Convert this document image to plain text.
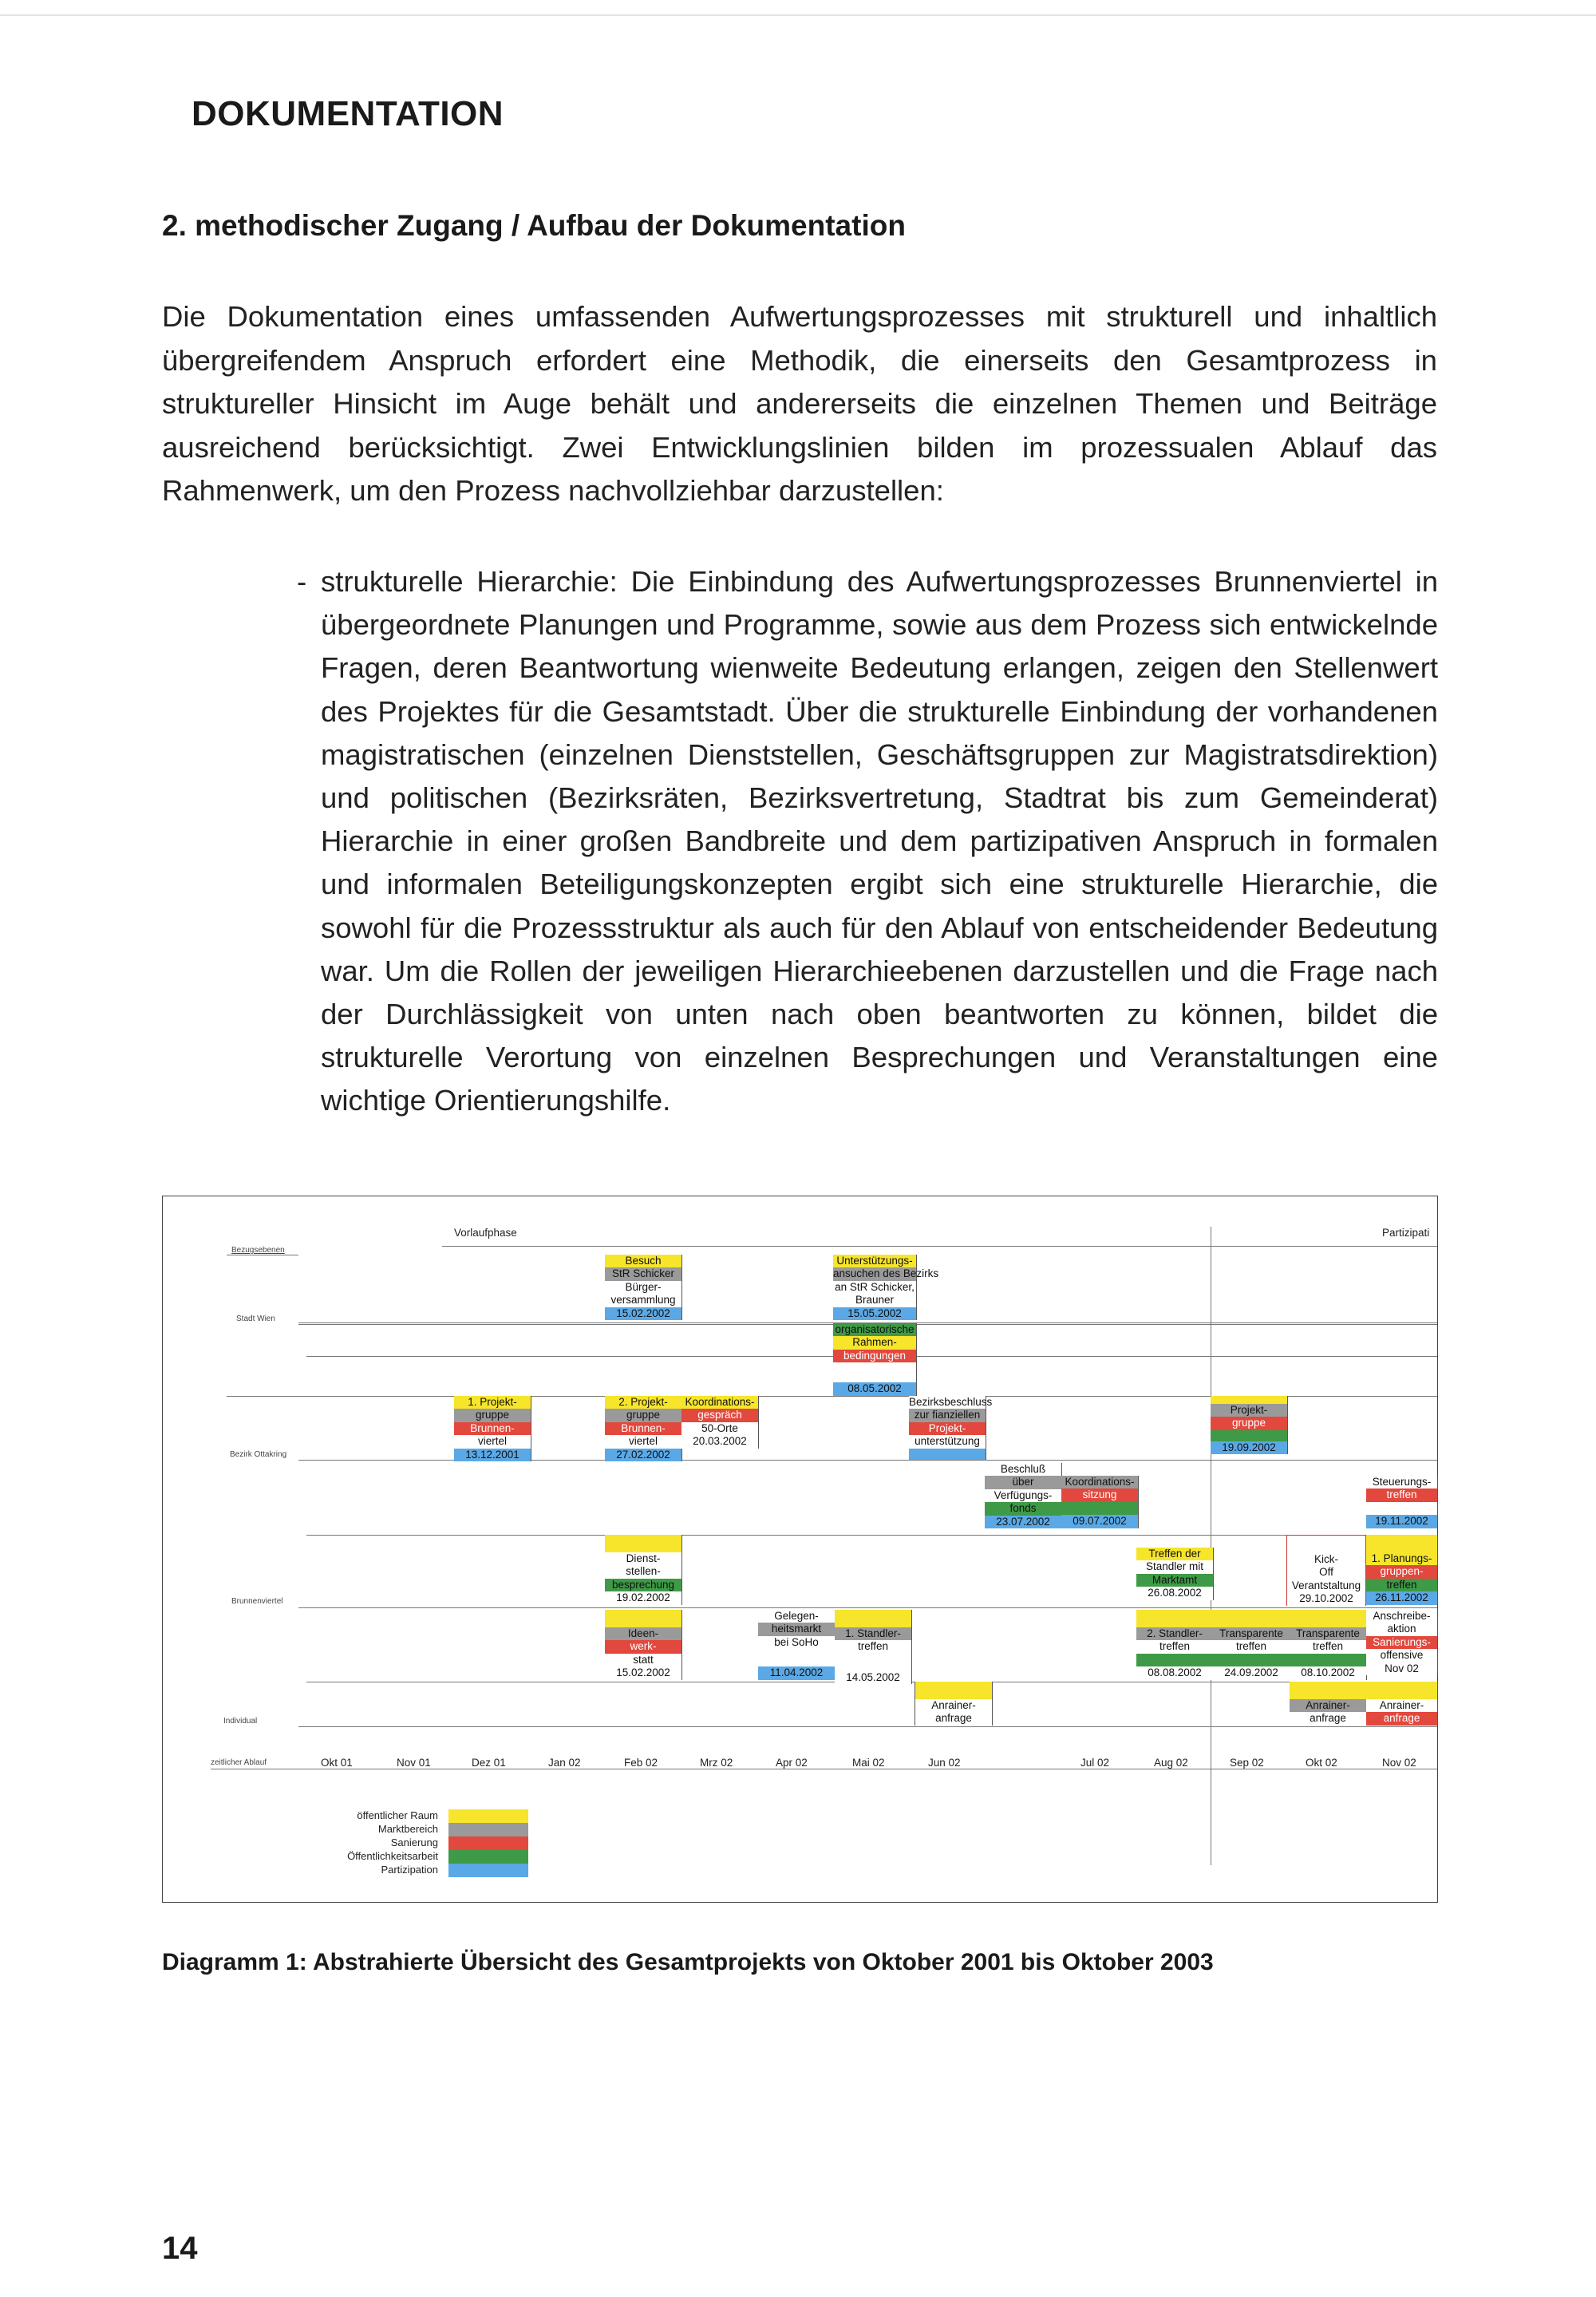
DOKUMENTATION
2. methodischer Zugang / Aufbau der Dokumentation
Die Dokumentation eines umfassenden Aufwertungsprozesses mit strukturell und inhaltlich übergreifendem Anspruch erfordert eine Methodik, die einerseits den Gesamtprozess in struktureller Hinsicht im Auge behält und andererseits die einzelnen Themen und Beiträge ausreichend berücksichtigt. Zwei Entwicklungslinien bilden im prozessualen Ablauf das Rahmenwerk, um den Prozess nachvollziehbar darzustellen:
- strukturelle Hierarchie: Die Einbindung des Aufwertungsprozesses Brunnenviertel in übergeordnete Planungen und Programme, sowie aus dem Prozess sich entwickelnde Fragen, deren Beantwortung wienweite Bedeutung erlangen, zeigen den Stellenwert des Projektes für die Gesamtstadt. Über die strukturelle Einbindung der vorhandenen magistratischen (einzelnen Dienststellen, Geschäftsgruppen zur Magistratsdirektion) und politischen (Bezirksräten, Bezirksvertretung, Stadtrat bis zum Gemeinderat) Hierarchie in einer großen Bandbreite und dem partizipativen Anspruch in formalen und informalen Beteiligungskonzepten ergibt sich eine strukturelle Hierarchie, die sowohl für die Prozessstruktur als auch für den Ablauf von entscheidender Bedeutung war. Um die Rollen der jeweiligen Hierarchieebenen darzustellen und die Frage nach der Durchlässigkeit von unten nach oben beantworten zu können, bildet die strukturelle Verortung von einzelnen Besprechungen und Veranstaltungen eine wichtige Orientierungshilfe.
Vorlaufphase	Partizipati
Bezugsebenen
Stadt Wien
Bezirk Ottakring
Brunnenviertel
Individual
zeitlicher Ablauf	Okt 01	Nov 01	Dez 01	Jan 02	Feb 02	Mrz 02	Apr 02	Mai 02	Jun 02	Jul 02	Aug 02	Sep 02	Okt 02	Nov 02
Besuch
StR Schicker
Bürger-
versammlung
15.02.2002
Unterstützungs-
ansuchen des Bezirks
an StR Schicker,
Brauner
15.05.2002
organisatorische
Rahmen-
bedingungen
08.05.2002
1. Projekt-
gruppe
Brunnen-
viertel
13.12.2001
2. Projekt-
gruppe
Brunnen-
viertel
27.02.2002
Koordinations-
gespräch
50-Orte
20.03.2002
Bezirksbeschluss
zur fianziellen
Projekt-
unterstützung
Projekt-
gruppe
19.09.2002
Beschluß
über
Verfügungs-
fonds
23.07.2002
Koordinations-
sitzung
09.07.2002
Steuerungs-
treffen
19.11.2002
Dienst-
stellen-
besprechung
19.02.2002
Treffen der
Standler mit
Marktamt
26.08.2002
Kick-
Off
Verantstaltung
29.10.2002
1. Planungs-
gruppen-
treffen
26.11.2002
Ideen-
werk-
statt
15.02.2002
Gelegen-
heitsmarkt
bei SoHo
11.04.2002
1. Standler-
treffen
14.05.2002
2. Standler-
treffen
08.08.2002
Transparente
treffen
24.09.2002
Transparente
treffen
08.10.2002
Anschreibe-
aktion
Sanierungs-
offensive
Nov 02
Anrainer-
anfrage
Anrainer-
anfrage
Anrainer-
anfrage
öffentlicher Raum
Marktbereich
Sanierung
Öffentlichkeitsarbeit
Partizipation
Diagramm 1: Abstrahierte Übersicht des Gesamtprojekts von Oktober 2001 bis Oktober 2003
14
